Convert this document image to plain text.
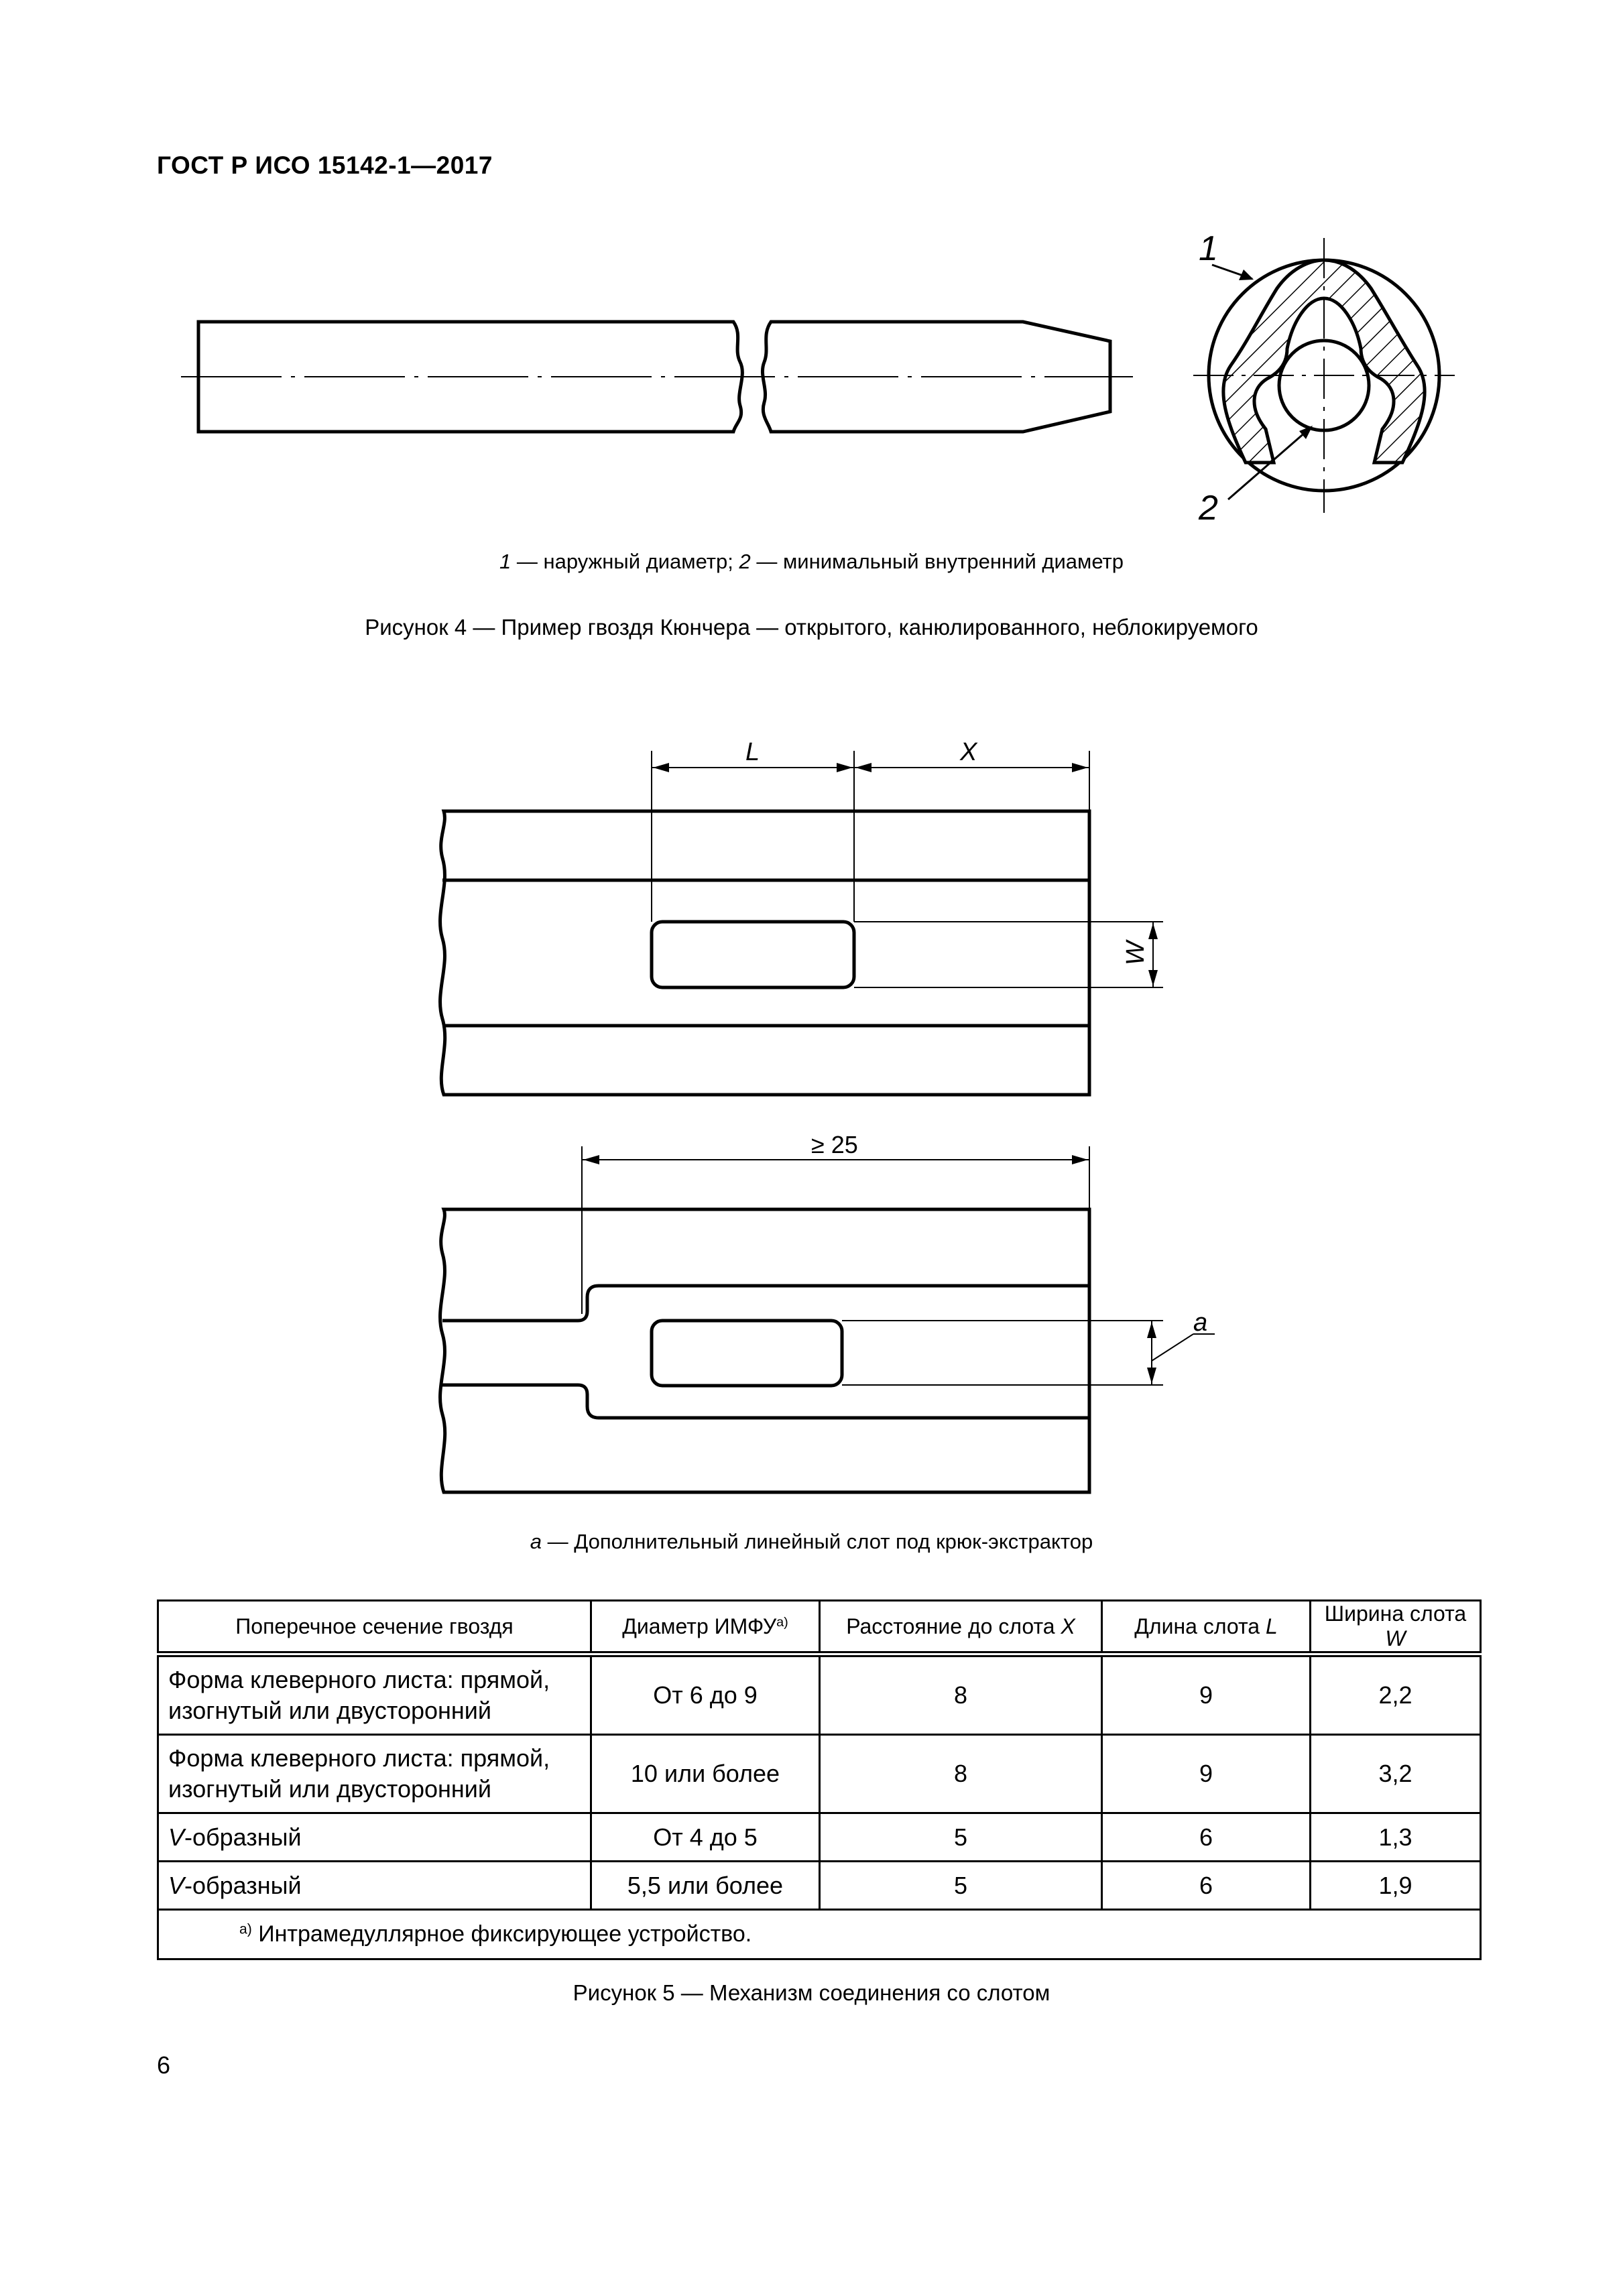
ГОСТ Р ИСО 15142-1—2017
1
2
1 — наружный диаметр; 2 — минимальный внутренний диаметр
Рисунок 4 — Пример гвоздя Кюнчера — открытого, канюлированного, неблокируемого
L	X
W
≥ 25
a
а — Дополнительный линейный слот под крюк-экстрактор
Поперечное сечение гвоздя	Диаметр ИМФУ$^{a)}$	Расстояние до слота X	Длина слота L	Ширина слота W
Форма клеверного листа: прямой,
изогнутый или двусторонний	От 6 до 9	8	9	2,2
Форма клеверного листа: прямой,
изогнутый или двусторонний	10 или более	8	9	3,2
V-образный	От 4 до 5	5	6	1,3
V-образный	5,5 или более	5	6	1,9
$^{a)}$ Интрамедуллярное фиксирующее устройство.				
Рисунок 5 — Механизм соединения со слотом
6
